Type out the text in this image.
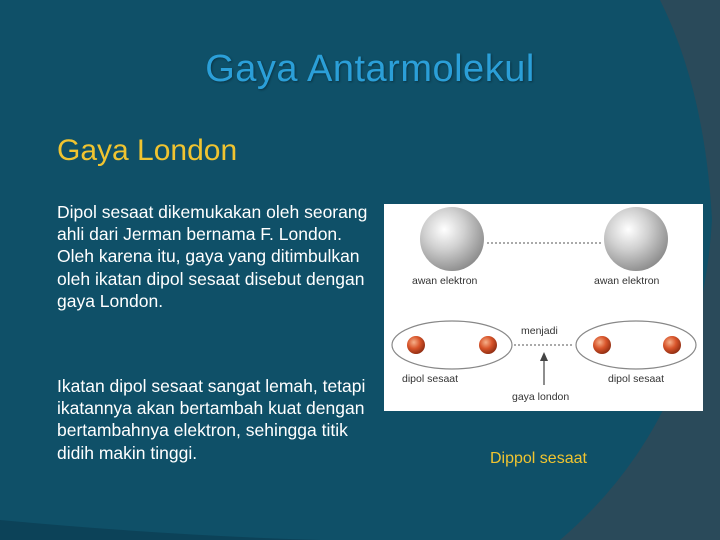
Gaya Antarmolekul
Gaya London

Dipol sesaat dikemukakan oleh seorang ahli dari Jerman bernama F. London. Oleh karena itu, gaya yang ditimbulkan oleh ikatan dipol sesaat disebut dengan gaya London.

Ikatan dipol sesaat sangat lemah, tetapi ikatannya akan bertambah kuat dengan bertambahnya elektron, sehingga titik didih makin tinggi.

awan elektron	awan elektron
menjadi
dipol sesaat	dipol sesaat
gaya london
Dippol sesaat
